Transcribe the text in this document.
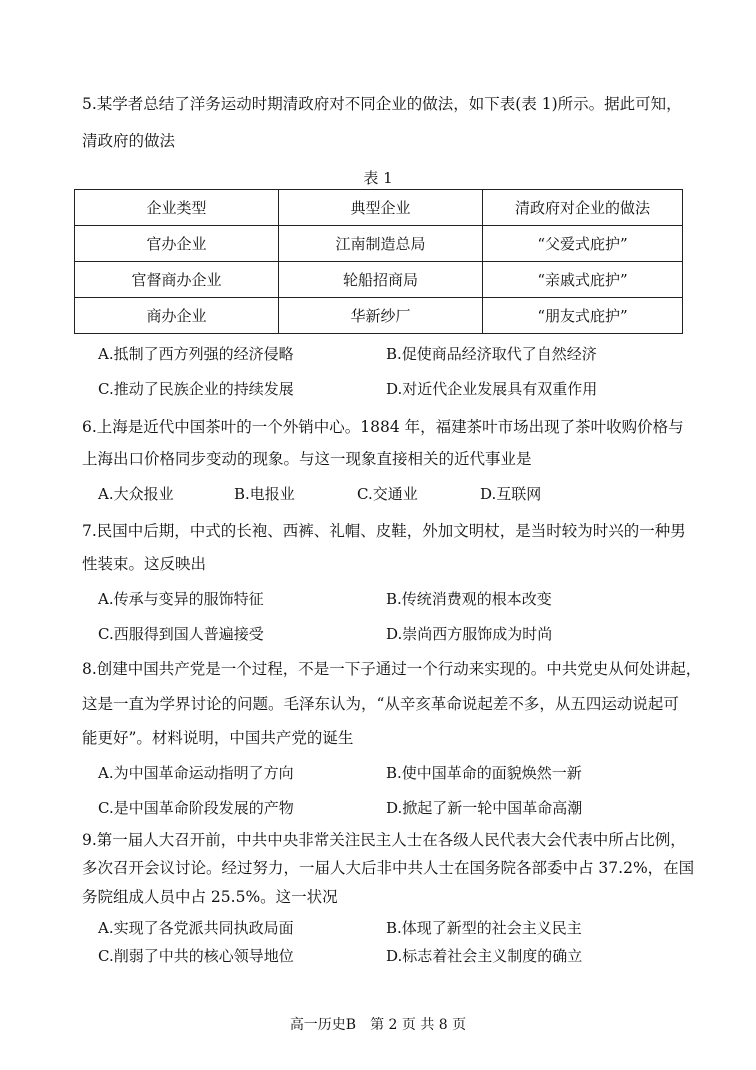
5.某学者总结了洋务运动时期清政府对不同企业的做法，如下表(表 1)所示。据此可知，
清政府的做法
表 1
企业类型	典型企业	清政府对企业的做法
官办企业	江南制造总局	“父爱式庇护”
官督商办企业	轮船招商局	“亲戚式庇护”
商办企业	华新纱厂	“朋友式庇护”
A.抵制了西方列强的经济侵略	B.促使商品经济取代了自然经济
C.推动了民族企业的持续发展	D.对近代企业发展具有双重作用
6.上海是近代中国茶叶的一个外销中心。1884 年，福建茶叶市场出现了茶叶收购价格与
上海出口价格同步变动的现象。与这一现象直接相关的近代事业是
A.大众报业	B.电报业	C.交通业	D.互联网
7.民国中后期，中式的长袍、西裤、礼帽、皮鞋，外加文明杖，是当时较为时兴的一种男
性装束。这反映出
A.传承与变异的服饰特征	B.传统消费观的根本改变
C.西服得到国人普遍接受	D.崇尚西方服饰成为时尚
8.创建中国共产党是一个过程，不是一下子通过一个行动来实现的。中共党史从何处讲起，
这是一直为学界讨论的问题。毛泽东认为，“从辛亥革命说起差不多，从五四运动说起可
能更好”。材料说明，中国共产党的诞生
A.为中国革命运动指明了方向	B.使中国革命的面貌焕然一新
C.是中国革命阶段发展的产物	D.掀起了新一轮中国革命高潮
9.第一届人大召开前，中共中央非常关注民主人士在各级人民代表大会代表中所占比例，
多次召开会议讨论。经过努力，一届人大后非中共人士在国务院各部委中占 37.2%，在国
务院组成人员中占 25.5%。这一状况
A.实现了各党派共同执政局面	B.体现了新型的社会主义民主
C.削弱了中共的核心领导地位	D.标志着社会主义制度的确立
高一历史B　第 2 页 共 8 页
